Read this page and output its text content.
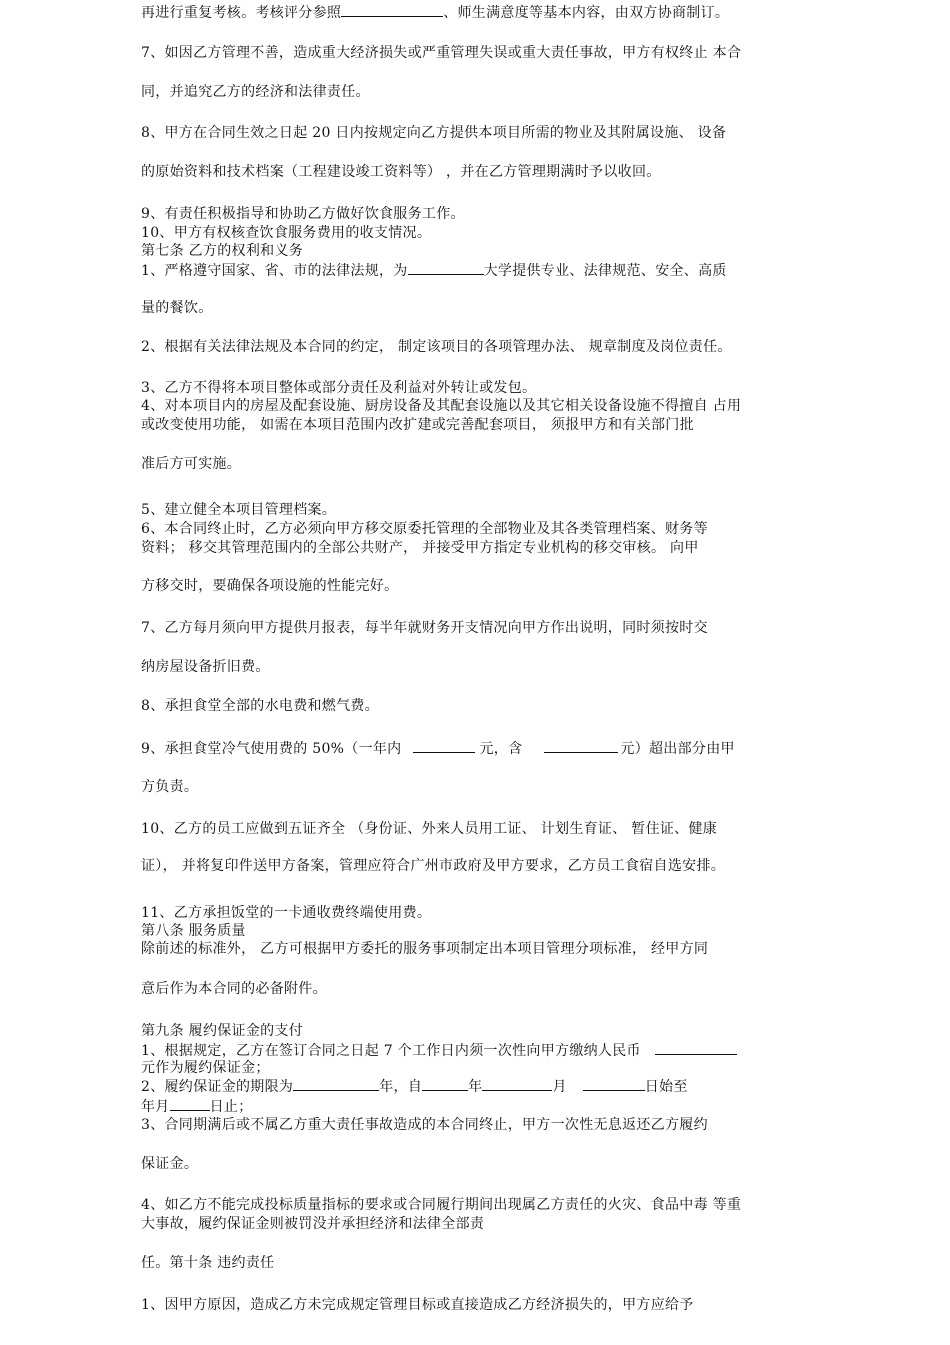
再进行重复考核。考核评分参照	、师生满意度等基本内容，由双方协商制订。
7、如因乙方管理不善，造成重大经济损失或严重管理失误或重大责任事故，甲方有权终止 本合
同，并追究乙方的经济和法律责任。
8、甲方在合同生效之日起 20 日内按规定向乙方提供本项目所需的物业及其附属设施、 设备
的原始资料和技术档案（工程建设竣工资料等） ，并在乙方管理期满时予以收回。
9、有责任积极指导和协助乙方做好饮食服务工作。
10、甲方有权核查饮食服务费用的收支情况。
第七条 乙方的权利和义务
1、严格遵守国家、省、市的法律法规，为	大学提供专业、法律规范、安全、高质
量的餐饮。
2、根据有关法律法规及本合同的约定， 制定该项目的各项管理办法、 规章制度及岗位责任。
3、乙方不得将本项目整体或部分责任及利益对外转让或发包。
4、对本项目内的房屋及配套设施、厨房设备及其配套设施以及其它相关设备设施不得擅自 占用
或改变使用功能， 如需在本项目范围内改扩建或完善配套项目， 须报甲方和有关部门批
准后方可实施。
5、建立健全本项目管理档案。
6、本合同终止时，乙方必须向甲方移交原委托管理的全部物业及其各类管理档案、财务等
资料； 移交其管理范围内的全部公共财产， 并接受甲方指定专业机构的移交审核。 向甲
方移交时，要确保各项设施的性能完好。
7、乙方每月须向甲方提供月报表，每半年就财务开支情况向甲方作出说明，同时须按时交
纳房屋设备折旧费。
8、承担食堂全部的水电费和燃气费。
9、承担食堂冷气使用费的 50%（一年内	元，含	元）超出部分由甲
方负责。
10、乙方的员工应做到五证齐全 （身份证、外来人员用工证、 计划生育证、 暂住证、健康
证）， 并将复印件送甲方备案，管理应符合广州市政府及甲方要求，乙方员工食宿自选安排。
11、乙方承担饭堂的一卡通收费终端使用费。
第八条 服务质量
除前述的标准外， 乙方可根据甲方委托的服务事项制定出本项目管理分项标准， 经甲方同
意后作为本合同的必备附件。
第九条 履约保证金的支付
1、根据规定，乙方在签订合同之日起 7 个工作日内须一次性向甲方缴纳人民币
元作为履约保证金；
2、履约保证金的期限为	年，自	年	月	日始至
年月	日止；
3、合同期满后或不属乙方重大责任事故造成的本合同终止，甲方一次性无息返还乙方履约
保证金。
4、如乙方不能完成投标质量指标的要求或合同履行期间出现属乙方责任的火灾、食品中毒 等重
大事故，履约保证金则被罚没并承担经济和法律全部责
任。第十条 违约责任
1、因甲方原因，造成乙方未完成规定管理目标或直接造成乙方经济损失的，甲方应给予
